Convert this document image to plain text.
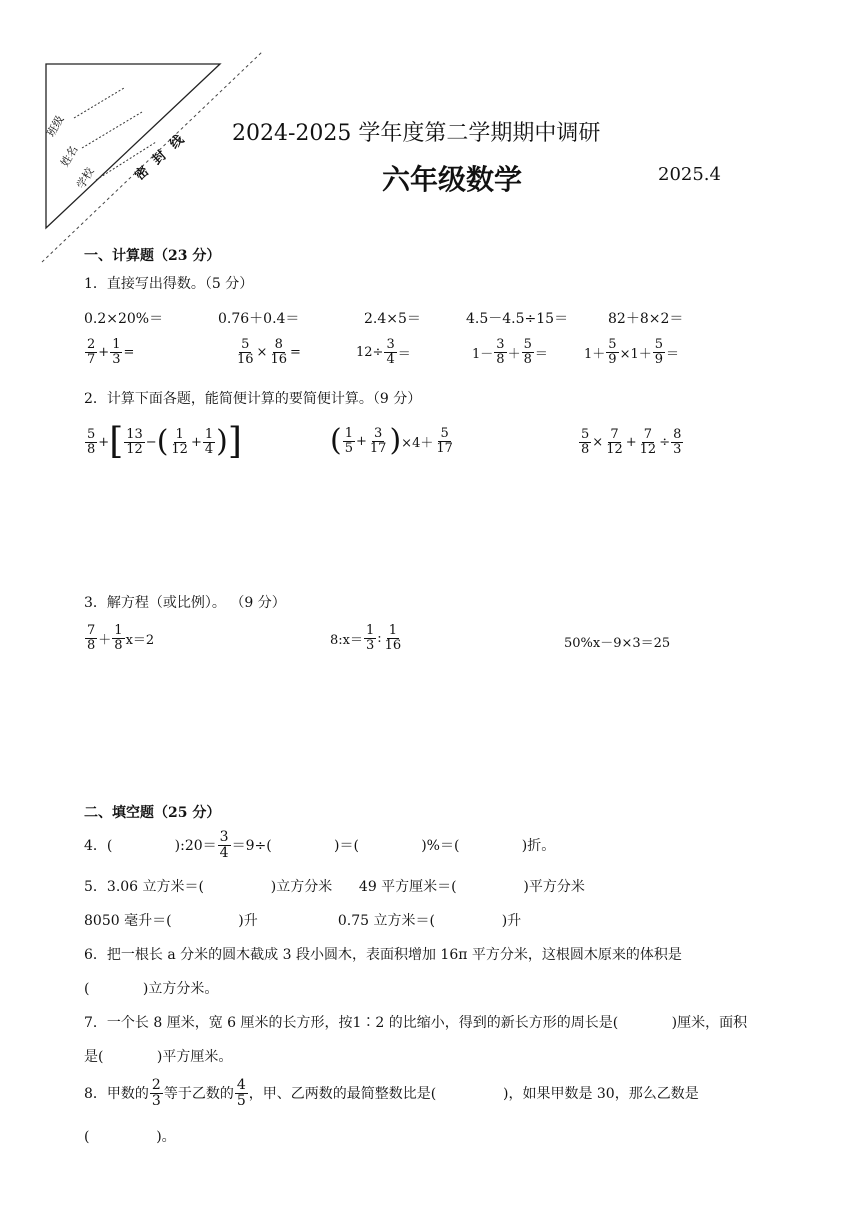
班级
姓名
学校	密 封 线 2024-2025 学年度第二学期期中调研
六年级数学	2025.4
一、计算题（23 分）
1．直接写出得数。（5 分）
0.2×20%＝	0.76＋0.4＝	2.4×5＝	4.5－4.5÷15＝	82＋8×2＝
$\frac{2}{7} + \frac{1}{3}$ =	$\frac{5}{16} \times \frac{8}{16}$ =	$12\div \frac{3}{4}$ ＝	$1- \frac{3}{8} + \frac{5}{8}$ ＝	$1+ \frac{5}{9} \times 1+ \frac{5}{9}$ ＝
2．计算下面各题，能简便计算的要简便计算。（9 分）
$\frac{5}{8}$ + [ $\frac{13}{12}$ − ( $\frac{1}{12} + \frac{1}{4}$ ) ]	( $\frac{1}{5} + \frac{3}{17}$ ) $\times 4+ \frac{5}{17}$	$\frac{5}{8} \times \frac{7}{12} + \frac{7}{12} \div \frac{8}{3}$
3．解方程（或比例）。 （9 分）
$\frac{7}{8} + \frac{1}{8} x=2$	8:x＝ $\frac{1}{3}$ : $\frac{1}{16}$	50%x－9×3＝25
二、填空题（25 分）
4．(              ):20＝ $\frac{3}{4} =9\div$(              )＝(              )%＝(              )折。
5．3.06 立方米＝(               )立方分米      49 平方厘米＝(               )平方分米
8050 毫升＝(               )升                  0.75 立方米＝(               )升
6．把一根长 a 分米的圆木截成 3 段小圆木，表面积增加 16π 平方分米，这根圆木原来的体积是
(            )立方分米。
7．一个长 8 厘米，宽 6 厘米的长方形，按1∶2 的比缩小，得到的新长方形的周长是(            )厘米，面积
是(            )平方厘米。
8．甲数的 $\frac{2}{3}$ 等于乙数的 $\frac{4}{5}$ ，甲、乙两数的最简整数比是(               )，如果甲数是 30，那么乙数是
(               )。
